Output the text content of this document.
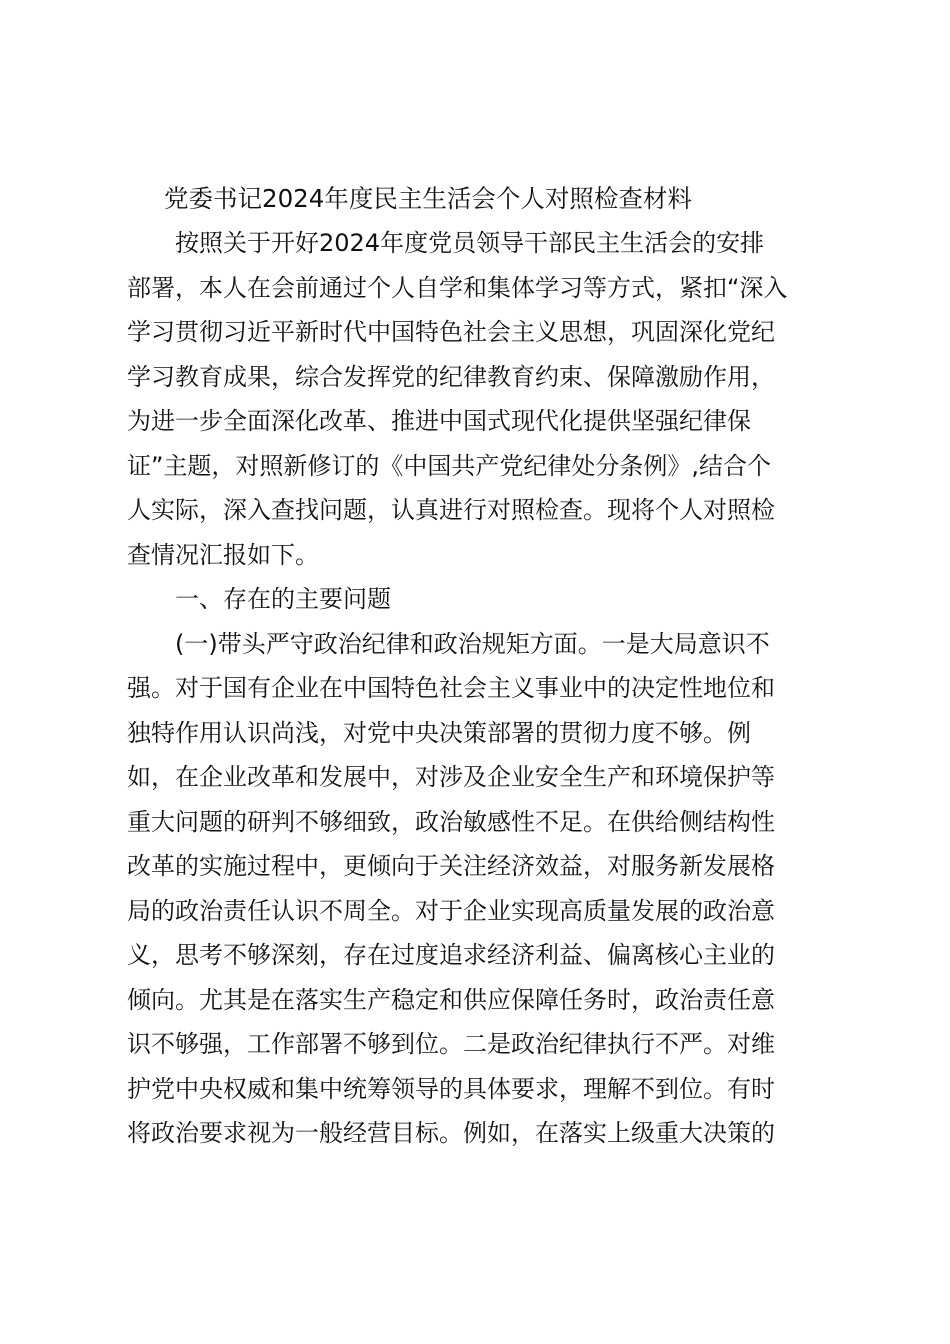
党委书记2024年度民主生活会个人对照检查材料

按照关于开好2024年度党员领导干部民主生活会的安排
部署，本人在会前通过个人自学和集体学习等方式，紧扣“深入
学习贯彻习近平新时代中国特色社会主义思想，巩固深化党纪
学习教育成果，综合发挥党的纪律教育约束、保障激励作用，
为进一步全面深化改革、推进中国式现代化提供坚强纪律保
证”主题，对照新修订的《中国共产党纪律处分条例》,结合个
人实际，深入查找问题，认真进行对照检查。现将个人对照检
查情况汇报如下。

一、存在的主要问题

(一)带头严守政治纪律和政治规矩方面。一是大局意识不
强。对于国有企业在中国特色社会主义事业中的决定性地位和
独特作用认识尚浅，对党中央决策部署的贯彻力度不够。例
如，在企业改革和发展中，对涉及企业安全生产和环境保护等
重大问题的研判不够细致，政治敏感性不足。在供给侧结构性
改革的实施过程中，更倾向于关注经济效益，对服务新发展格
局的政治责任认识不周全。对于企业实现高质量发展的政治意
义，思考不够深刻，存在过度追求经济利益、偏离核心主业的
倾向。尤其是在落实生产稳定和供应保障任务时，政治责任意
识不够强，工作部署不够到位。二是政治纪律执行不严。对维
护党中央权威和集中统筹领导的具体要求，理解不到位。有时
将政治要求视为一般经营目标。例如，在落实上级重大决策的
